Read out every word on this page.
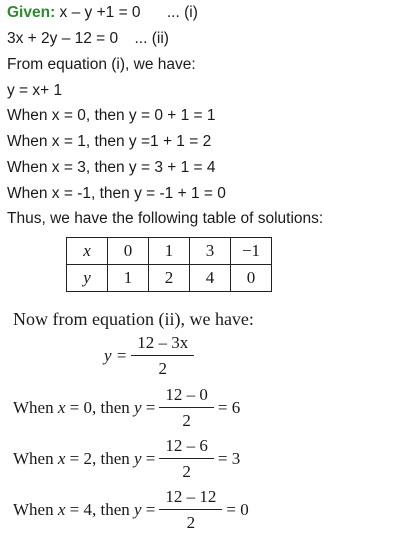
Given: x – y +1 = 0 ... (i)
3x + 2y – 12 = 0 ... (ii)
From equation (i), we have:
y = x+ 1
When x = 0, then y = 0 + 1 = 1
When x = 1, then y =1 + 1 = 2
When x = 3, then y = 3 + 1 = 4
When x = -1, then y = -1 + 1 = 0
Thus, we have the following table of solutions:
x	0	1	3	−1
y	1	2	4	0
Now from equation (ii), we have:
$y = \frac{12 - 3x}{2}$
When
x
= 0, then
y
= $\frac{12 - 0}{2} = 6$
When
x
= 2, then
y
= $\frac{12 - 6}{2} = 3$
When
x
= 4, then
y
= $\frac{12 - 12}{2} = 0$
